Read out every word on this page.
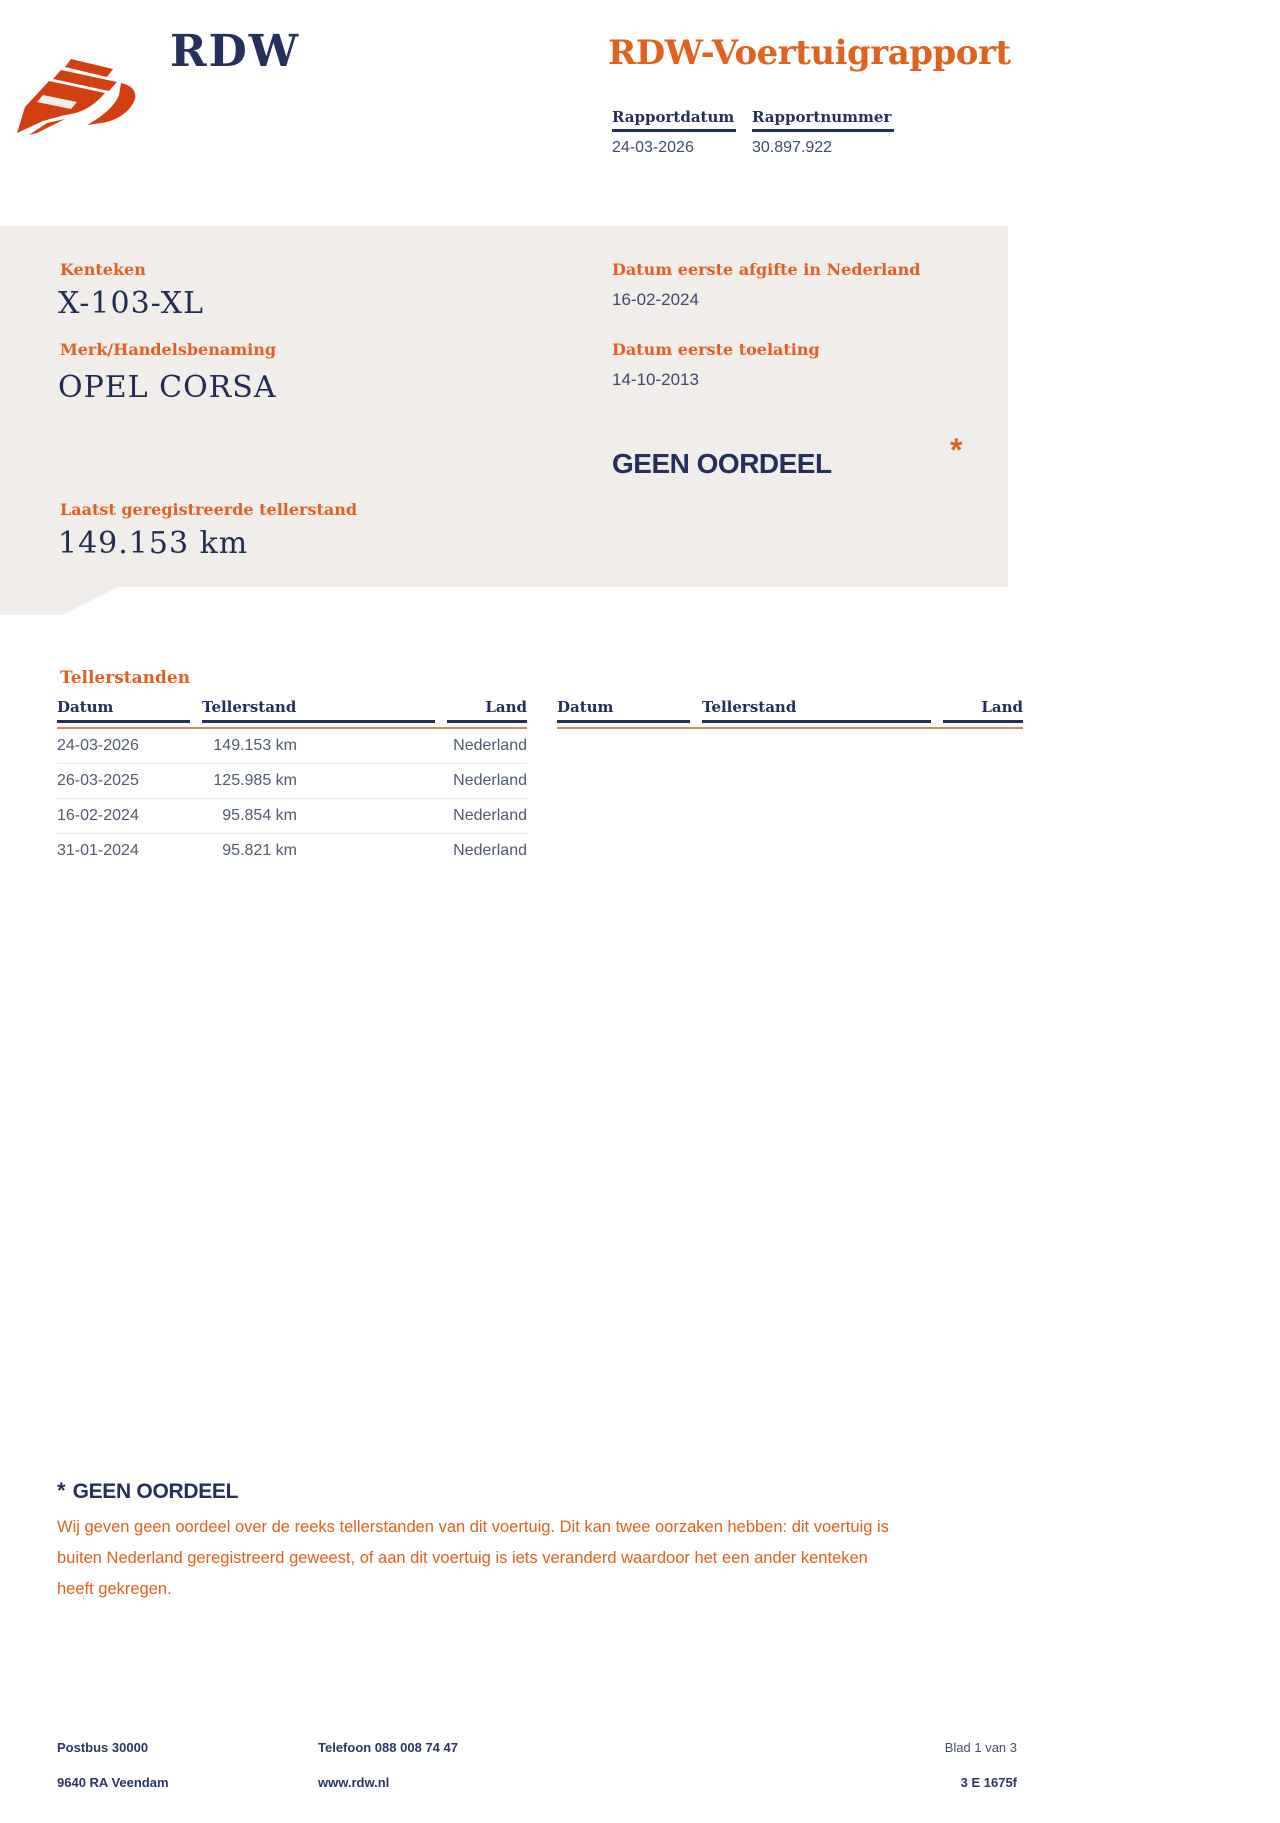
RDW	RDW-Voertuigrapport
Rapportdatum
24-03-2026
Rapportnummer
30.897.922
Kenteken
X-103-XL
Merk/Handelsbenaming
OPEL CORSA
Datum eerste afgifte in Nederland
16-02-2024
Datum eerste toelating
14-10-2013
GEEN OORDEEL	*
Laatst geregistreerde tellerstand
149.153 km
Tellerstanden
Datum	Tellerstand	Land
24-03-2026	149.153 km	Nederland
26-03-2025	125.985 km	Nederland
16-02-2024	95.854 km	Nederland
31-01-2024	95.821 km	Nederland
Datum	Tellerstand	Land
* GEEN OORDEEL
Wij geven geen oordeel over de reeks tellerstanden van dit voertuig. Dit kan twee oorzaken hebben: dit voertuig is
buiten Nederland geregistreerd geweest, of aan dit voertuig is iets veranderd waardoor het een ander kenteken
heeft gekregen.
Postbus 30000
9640 RA Veendam
Telefoon 088 008 74 47
www.rdw.nl
Blad 1 van 3
3 E 1675f
